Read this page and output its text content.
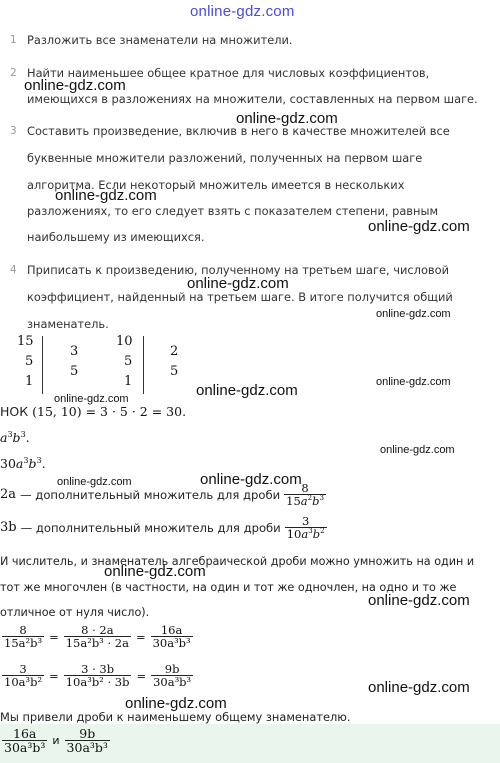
online-gdz.com
1 Разложить все знаменатели на множители.
2 Найти наименьшее общее кратное для числовых коэффициентов,
имеющихся в разложениях на множители, составленных на первом шаге.
3 Составить произведение, включив в него в качестве множителей все
буквенные множители разложений, полученных на первом шаге
алгоритма. Если некоторый множитель имеется в нескольких
разложениях, то его следует взять с показателем степени, равным
наибольшему из имеющихся.
4 Приписать к произведению, полученному на третьем шаге, числовой
коэффициент, найденный на третьем шаге. В итоге получится общий
знаменатель.
15
5
1
3
5
10
5
1
2
5
НОК (15, 10) = 3 · 5 · 2 = 30.
$a^3b^3$.
$30a^3b^3$.
2a — дополнительный множитель для дроби $\frac{8}{15a^2b^3}$
3b — дополнительный множитель для дроби $\frac{3}{10a^3b^2}$
И числитель, и знаменатель алгебраической дроби можно умножить на один и
тот же многочлен (в частности, на один и тот же одночлен, на одно и то же
отличное от нуля число).
$\frac{8}{\text{15a²b³}} = \frac{8 \cdot 2a}{\text{15a²b³ · 2a}} = \frac{16a}{\text{30a³b³}}$
$\frac{3}{\text{10a³b²}} = \frac{3 \cdot 3b}{\text{10a³b² · 3b}} = \frac{9b}{\text{30a³b³}}$
Мы привели дроби к наименьшему общему знаменателю.
$\frac{16a}{\text{30a³b³}}$ и $\frac{9b}{\text{30a³b³}}$
online-gdz.com
online-gdz.com
online-gdz.com
online-gdz.com
online-gdz.com
online-gdz.com
online-gdz.com	online-gdz.com
online-gdz.com
online-gdz.com
online-gdz.com	online-gdz.com
online-gdz.com
online-gdz.com
online-gdz.com
online-gdz.com
